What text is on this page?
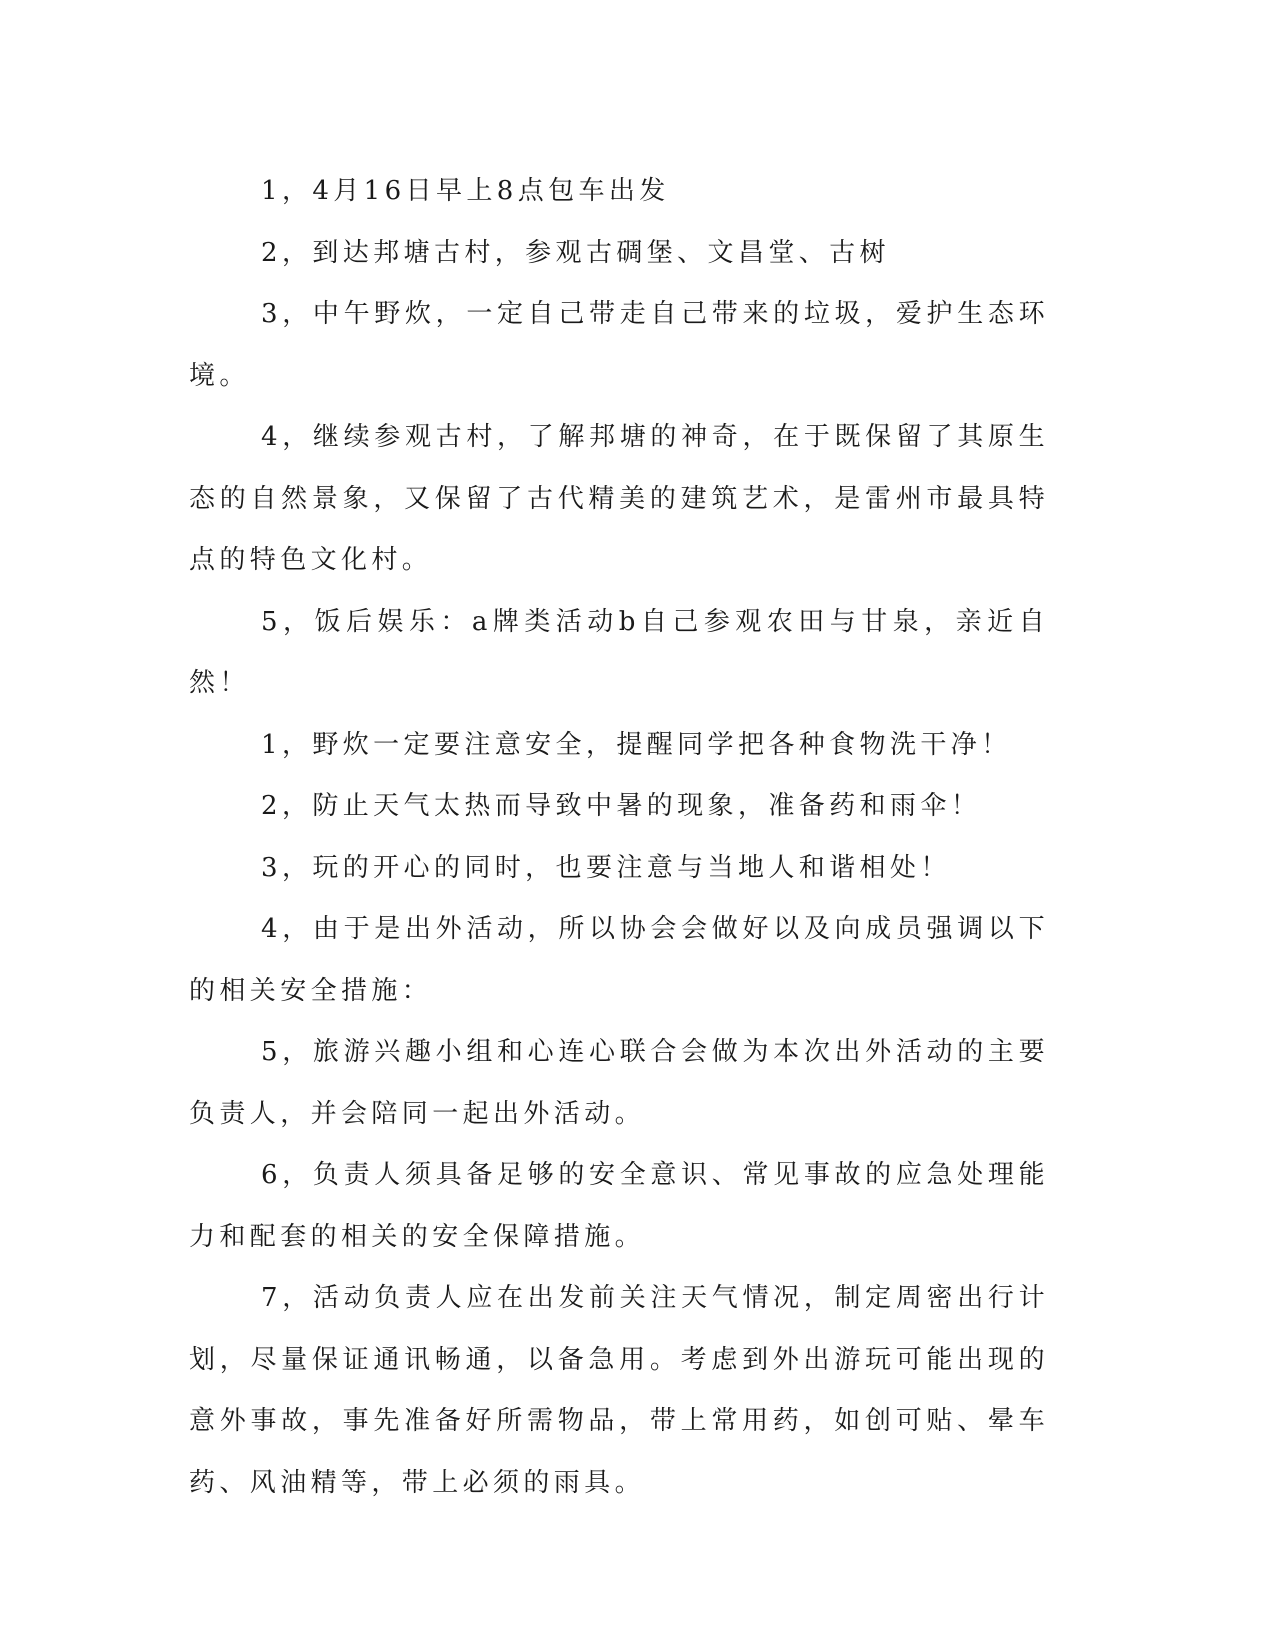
1，4月16日早上8点包车出发

2，到达邦塘古村，参观古碉堡、文昌堂、古树

3，中午野炊，一定自己带走自己带来的垃圾，爱护生态环境。

4，继续参观古村，了解邦塘的神奇，在于既保留了其原生态的自然景象，又保留了古代精美的建筑艺术，是雷州市最具特点的特色文化村。

5，饭后娱乐：a牌类活动b自己参观农田与甘泉，亲近自然！

1，野炊一定要注意安全，提醒同学把各种食物洗干净！

2，防止天气太热而导致中暑的现象，准备药和雨伞！

3，玩的开心的同时，也要注意与当地人和谐相处！

4，由于是出外活动，所以协会会做好以及向成员强调以下的相关安全措施：

5，旅游兴趣小组和心连心联合会做为本次出外活动的主要负责人，并会陪同一起出外活动。

6，负责人须具备足够的安全意识、常见事故的应急处理能力和配套的相关的安全保障措施。

7，活动负责人应在出发前关注天气情况，制定周密出行计划，尽量保证通讯畅通，以备急用。考虑到外出游玩可能出现的意外事故，事先准备好所需物品，带上常用药，如创可贴、晕车药、风油精等，带上必须的雨具。
